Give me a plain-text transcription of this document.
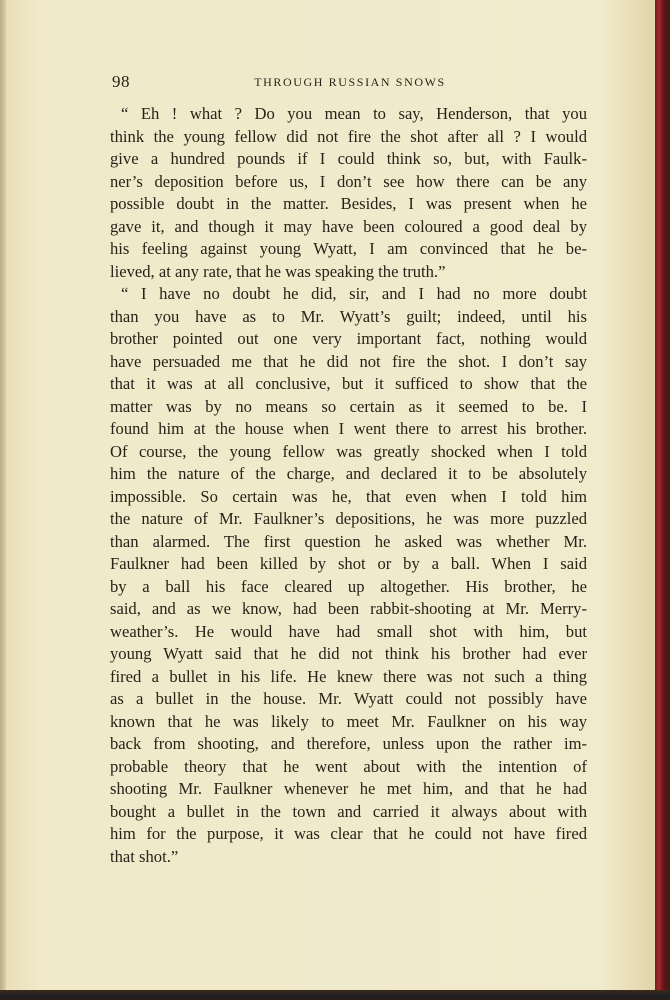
98	THROUGH RUSSIAN SNOWS

“ Eh ! what ? Do you mean to say, Henderson, that you
think the young fellow did not fire the shot after all ? I would
give a hundred pounds if I could think so, but, with Faulk-
ner’s deposition before us, I don’t see how there can be any
possible doubt in the matter. Besides, I was present when he
gave it, and though it may have been coloured a good deal by
his feeling against young Wyatt, I am convinced that he be-
lieved, at any rate, that he was speaking the truth.”

“ I have no doubt he did, sir, and I had no more doubt
than you have as to Mr. Wyatt’s guilt; indeed, until his
brother pointed out one very important fact, nothing would
have persuaded me that he did not fire the shot. I don’t say
that it was at all conclusive, but it sufficed to show that the
matter was by no means so certain as it seemed to be. I
found him at the house when I went there to arrest his brother.
Of course, the young fellow was greatly shocked when I told
him the nature of the charge, and declared it to be absolutely
impossible. So certain was he, that even when I told him
the nature of Mr. Faulkner’s depositions, he was more puzzled
than alarmed. The first question he asked was whether Mr.
Faulkner had been killed by shot or by a ball. When I said
by a ball his face cleared up altogether. His brother, he
said, and as we know, had been rabbit-shooting at Mr. Merry-
weather’s. He would have had small shot with him, but
young Wyatt said that he did not think his brother had ever
fired a bullet in his life. He knew there was not such a thing
as a bullet in the house. Mr. Wyatt could not possibly have
known that he was likely to meet Mr. Faulkner on his way
back from shooting, and therefore, unless upon the rather im-
probable theory that he went about with the intention of
shooting Mr. Faulkner whenever he met him, and that he had
bought a bullet in the town and carried it always about with
him for the purpose, it was clear that he could not have fired
that shot.”
